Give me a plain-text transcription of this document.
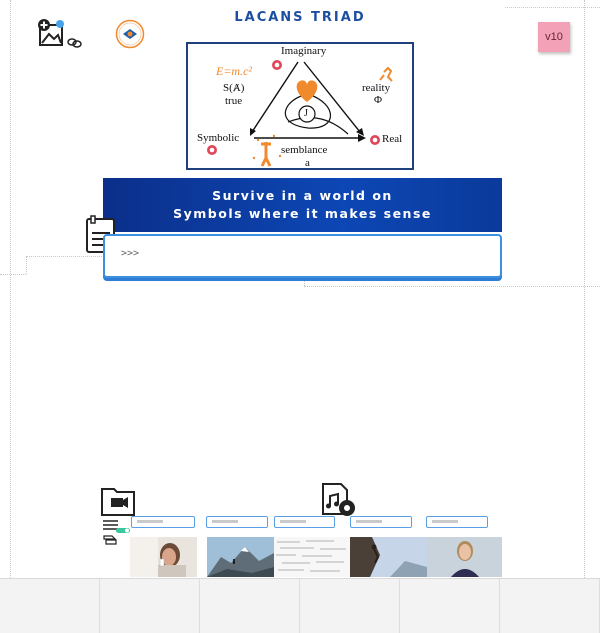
LACANS TRIAD
v10
Imaginary
E=m.c²
S(Ⱥ)
true
reality
Φ
J
Symbolic	Real
semblance
a
Survive in a world on
Symbols where it makes sense
>>>
